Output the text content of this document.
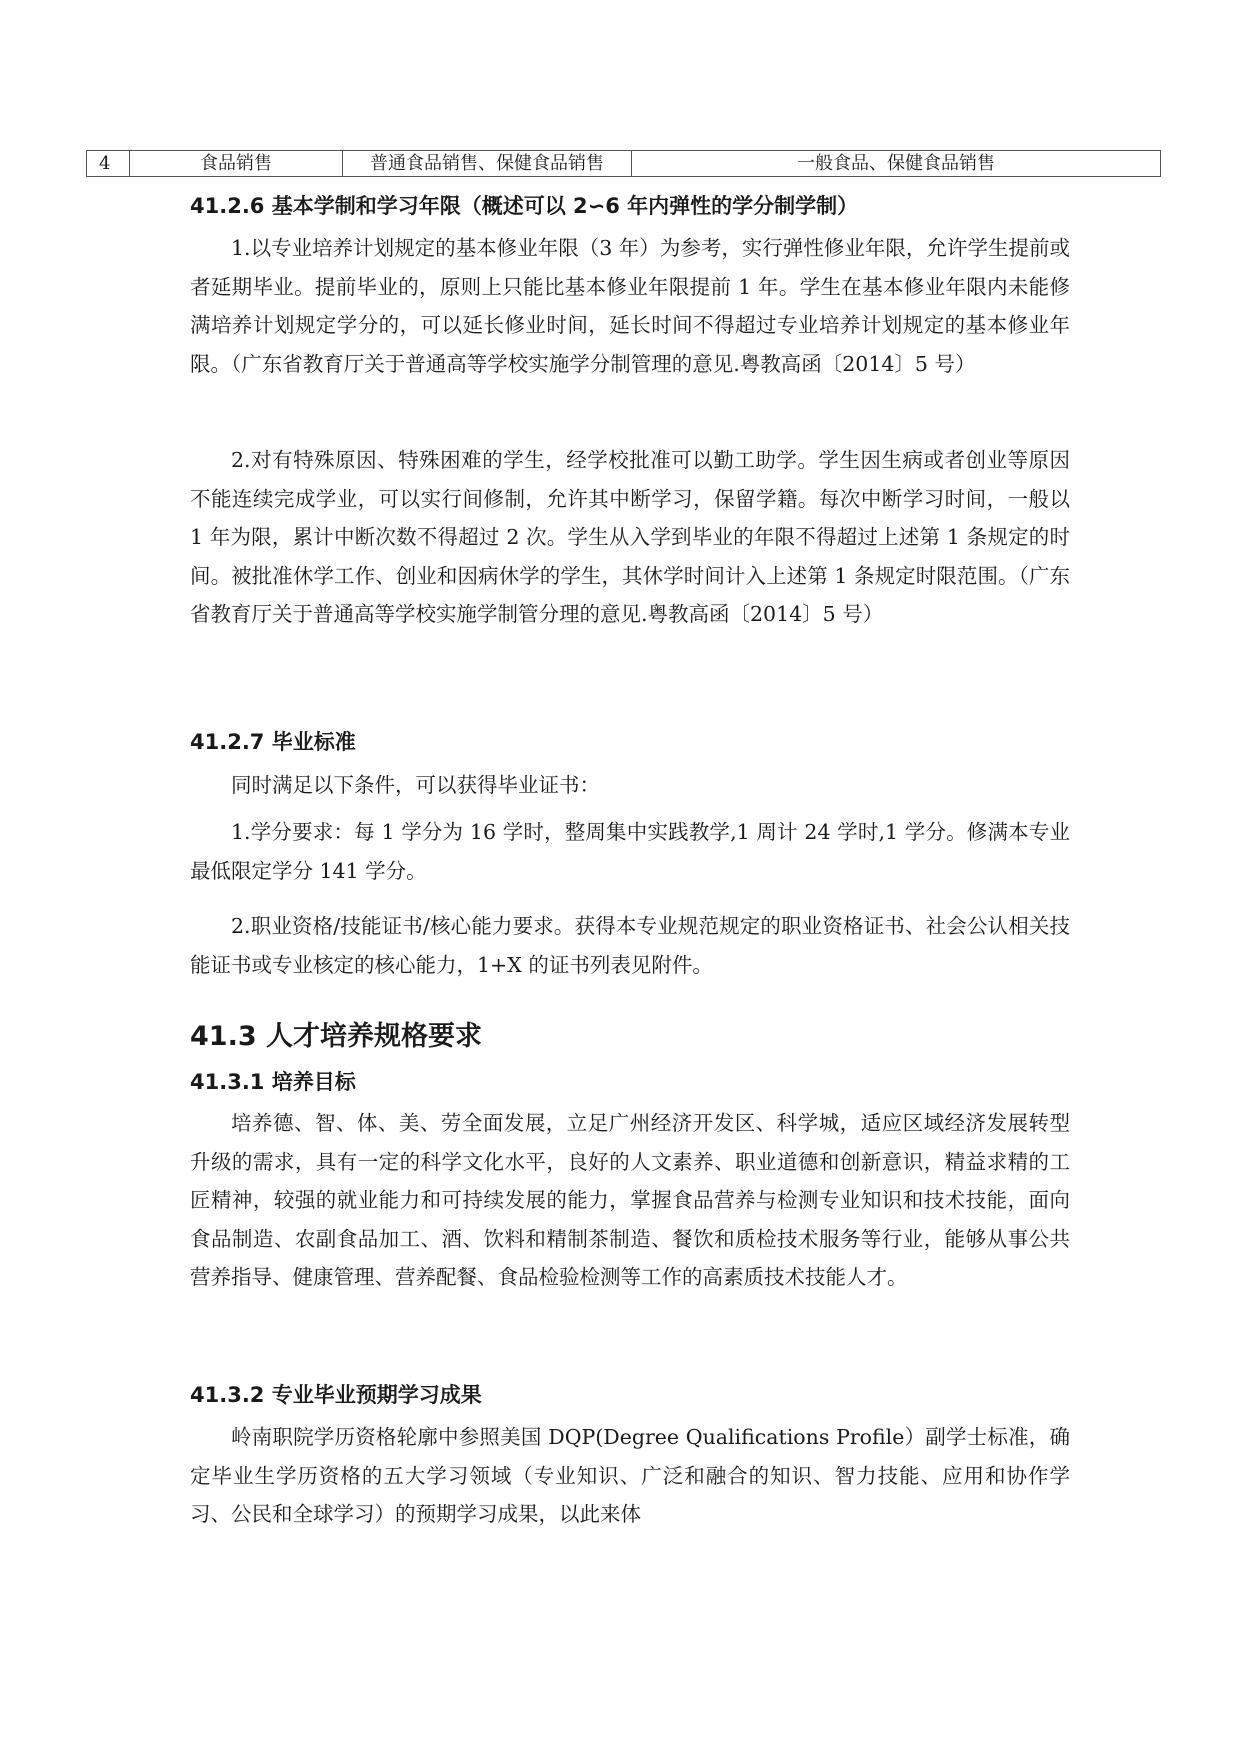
4	食品销售	普通食品销售、保健食品销售	一般食品、保健食品销售
41.2.6 基本学制和学习年限（概述可以 2∽6 年内弹性的学分制学制）

1.以专业培养计划规定的基本修业年限（3 年）为参考，实行弹性修业年限，允许学生提前或者延期毕业。提前毕业的，原则上只能比基本修业年限提前 1 年。学生在基本修业年限内未能修满培养计划规定学分的，可以延长修业时间，延长时间不得超过专业培养计划规定的基本修业年限。（广东省教育厅关于普通高等学校实施学分制管理的意见.粤教高函〔2014〕5 号）

2.对有特殊原因、特殊困难的学生，经学校批准可以勤工助学。学生因生病或者创业等原因不能连续完成学业，可以实行间修制，允许其中断学习，保留学籍。每次中断学习时间，一般以 1 年为限，累计中断次数不得超过 2 次。学生从入学到毕业的年限不得超过上述第 1 条规定的时间。被批准休学工作、创业和因病休学的学生，其休学时间计入上述第 1 条规定时限范围。（广东省教育厅关于普通高等学校实施学制管分理的意见.粤教高函〔2014〕5 号）

41.2.7 毕业标准

同时满足以下条件，可以获得毕业证书：

1.学分要求：每 1 学分为 16 学时，整周集中实践教学,1 周计 24 学时,1 学分。修满本专业最低限定学分 141 学分。

2.职业资格/技能证书/核心能力要求。获得本专业规范规定的职业资格证书、社会公认相关技能证书或专业核定的核心能力，1+X 的证书列表见附件。

41.3 人才培养规格要求
41.3.1 培养目标

培养德、智、体、美、劳全面发展，立足广州经济开发区、科学城，适应区域经济发展转型升级的需求，具有一定的科学文化水平，良好的人文素养、职业道德和创新意识，精益求精的工匠精神，较强的就业能力和可持续发展的能力，掌握食品营养与检测专业知识和技术技能，面向食品制造、农副食品加工、酒、饮料和精制茶制造、餐饮和质检技术服务等行业，能够从事公共营养指导、健康管理、营养配餐、食品检验检测等工作的高素质技术技能人才。

41.3.2 专业毕业预期学习成果

岭南职院学历资格轮廓中参照美国 DQP(Degree Qualifications Profile）副学士标准，确定毕业生学历资格的五大学习领域（专业知识、广泛和融合的知识、智力技能、应用和协作学习、公民和全球学习）的预期学习成果，以此来体
